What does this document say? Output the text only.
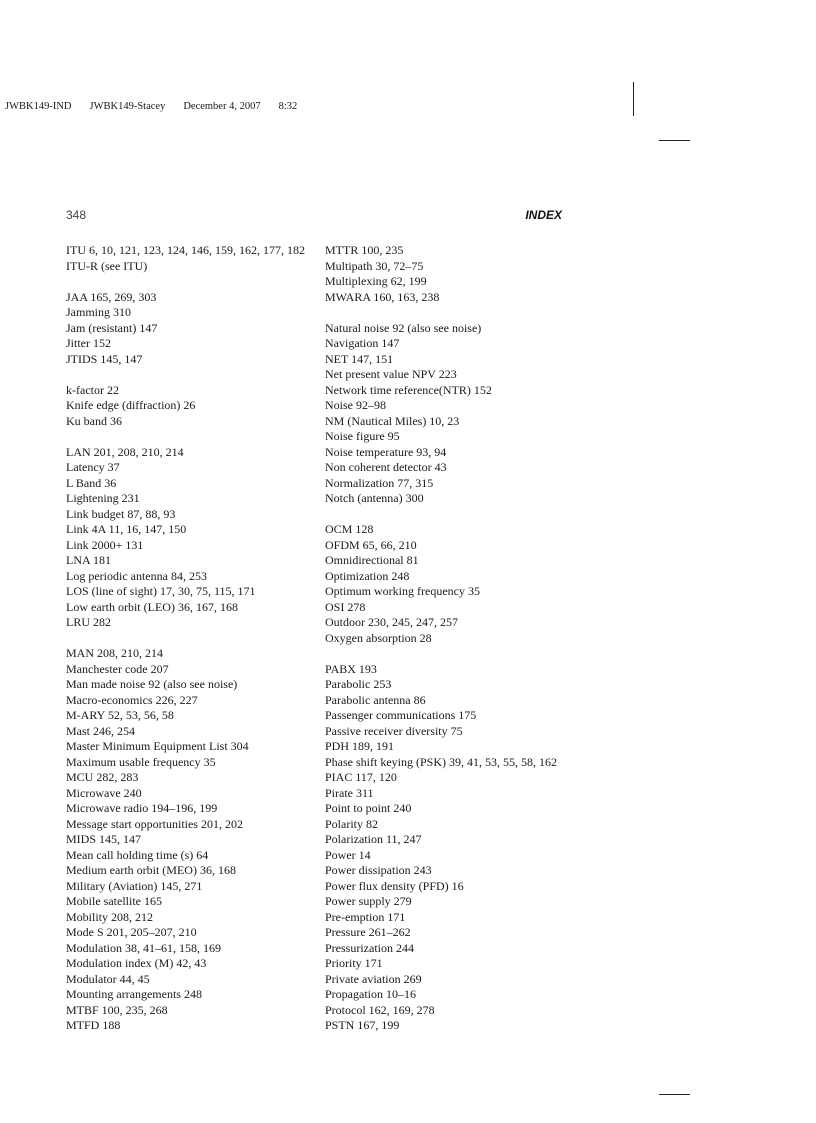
JWBK149-IND JWBK149-Stacey December 4, 2007 8:32
348	INDEX
ITU 6, 10, 121, 123, 124, 146, 159, 162, 177, 182
ITU-R (see ITU)
JAA 165, 269, 303
Jamming 310
Jam (resistant) 147
Jitter 152
JTIDS 145, 147
k-factor 22
Knife edge (diffraction) 26
Ku band 36
LAN 201, 208, 210, 214
Latency 37
L Band 36
Lightening 231
Link budget 87, 88, 93
Link 4A 11, 16, 147, 150
Link 2000+ 131
LNA 181
Log periodic antenna 84, 253
LOS (line of sight) 17, 30, 75, 115, 171
Low earth orbit (LEO) 36, 167, 168
LRU 282
MAN 208, 210, 214
Manchester code 207
Man made noise 92 (also see noise)
Macro-economics 226, 227
M-ARY 52, 53, 56, 58
Mast 246, 254
Master Minimum Equipment List 304
Maximum usable frequency 35
MCU 282, 283
Microwave 240
Microwave radio 194–196, 199
Message start opportunities 201, 202
MIDS 145, 147
Mean call holding time (s) 64
Medium earth orbit (MEO) 36, 168
Military (Aviation) 145, 271
Mobile satellite 165
Mobility 208, 212
Mode S 201, 205–207, 210
Modulation 38, 41–61, 158, 169
Modulation index (M) 42, 43
Modulator 44, 45
Mounting arrangements 248
MTBF 100, 235, 268
MTFD 188
MTTR 100, 235
Multipath 30, 72–75
Multiplexing 62, 199
MWARA 160, 163, 238
Natural noise 92 (also see noise)
Navigation 147
NET 147, 151
Net present value NPV 223
Network time reference(NTR) 152
Noise 92–98
NM (Nautical Miles) 10, 23
Noise figure 95
Noise temperature 93, 94
Non coherent detector 43
Normalization 77, 315
Notch (antenna) 300
OCM 128
OFDM 65, 66, 210
Omnidirectional 81
Optimization 248
Optimum working frequency 35
OSI 278
Outdoor 230, 245, 247, 257
Oxygen absorption 28
PABX 193
Parabolic 253
Parabolic antenna 86
Passenger communications 175
Passive receiver diversity 75
PDH 189, 191
Phase shift keying (PSK) 39, 41, 53, 55, 58, 162
PIAC 117, 120
Pirate 311
Point to point 240
Polarity 82
Polarization 11, 247
Power 14
Power dissipation 243
Power flux density (PFD) 16
Power supply 279
Pre-emption 171
Pressure 261–262
Pressurization 244
Priority 171
Private aviation 269
Propagation 10–16
Protocol 162, 169, 278
PSTN 167, 199
